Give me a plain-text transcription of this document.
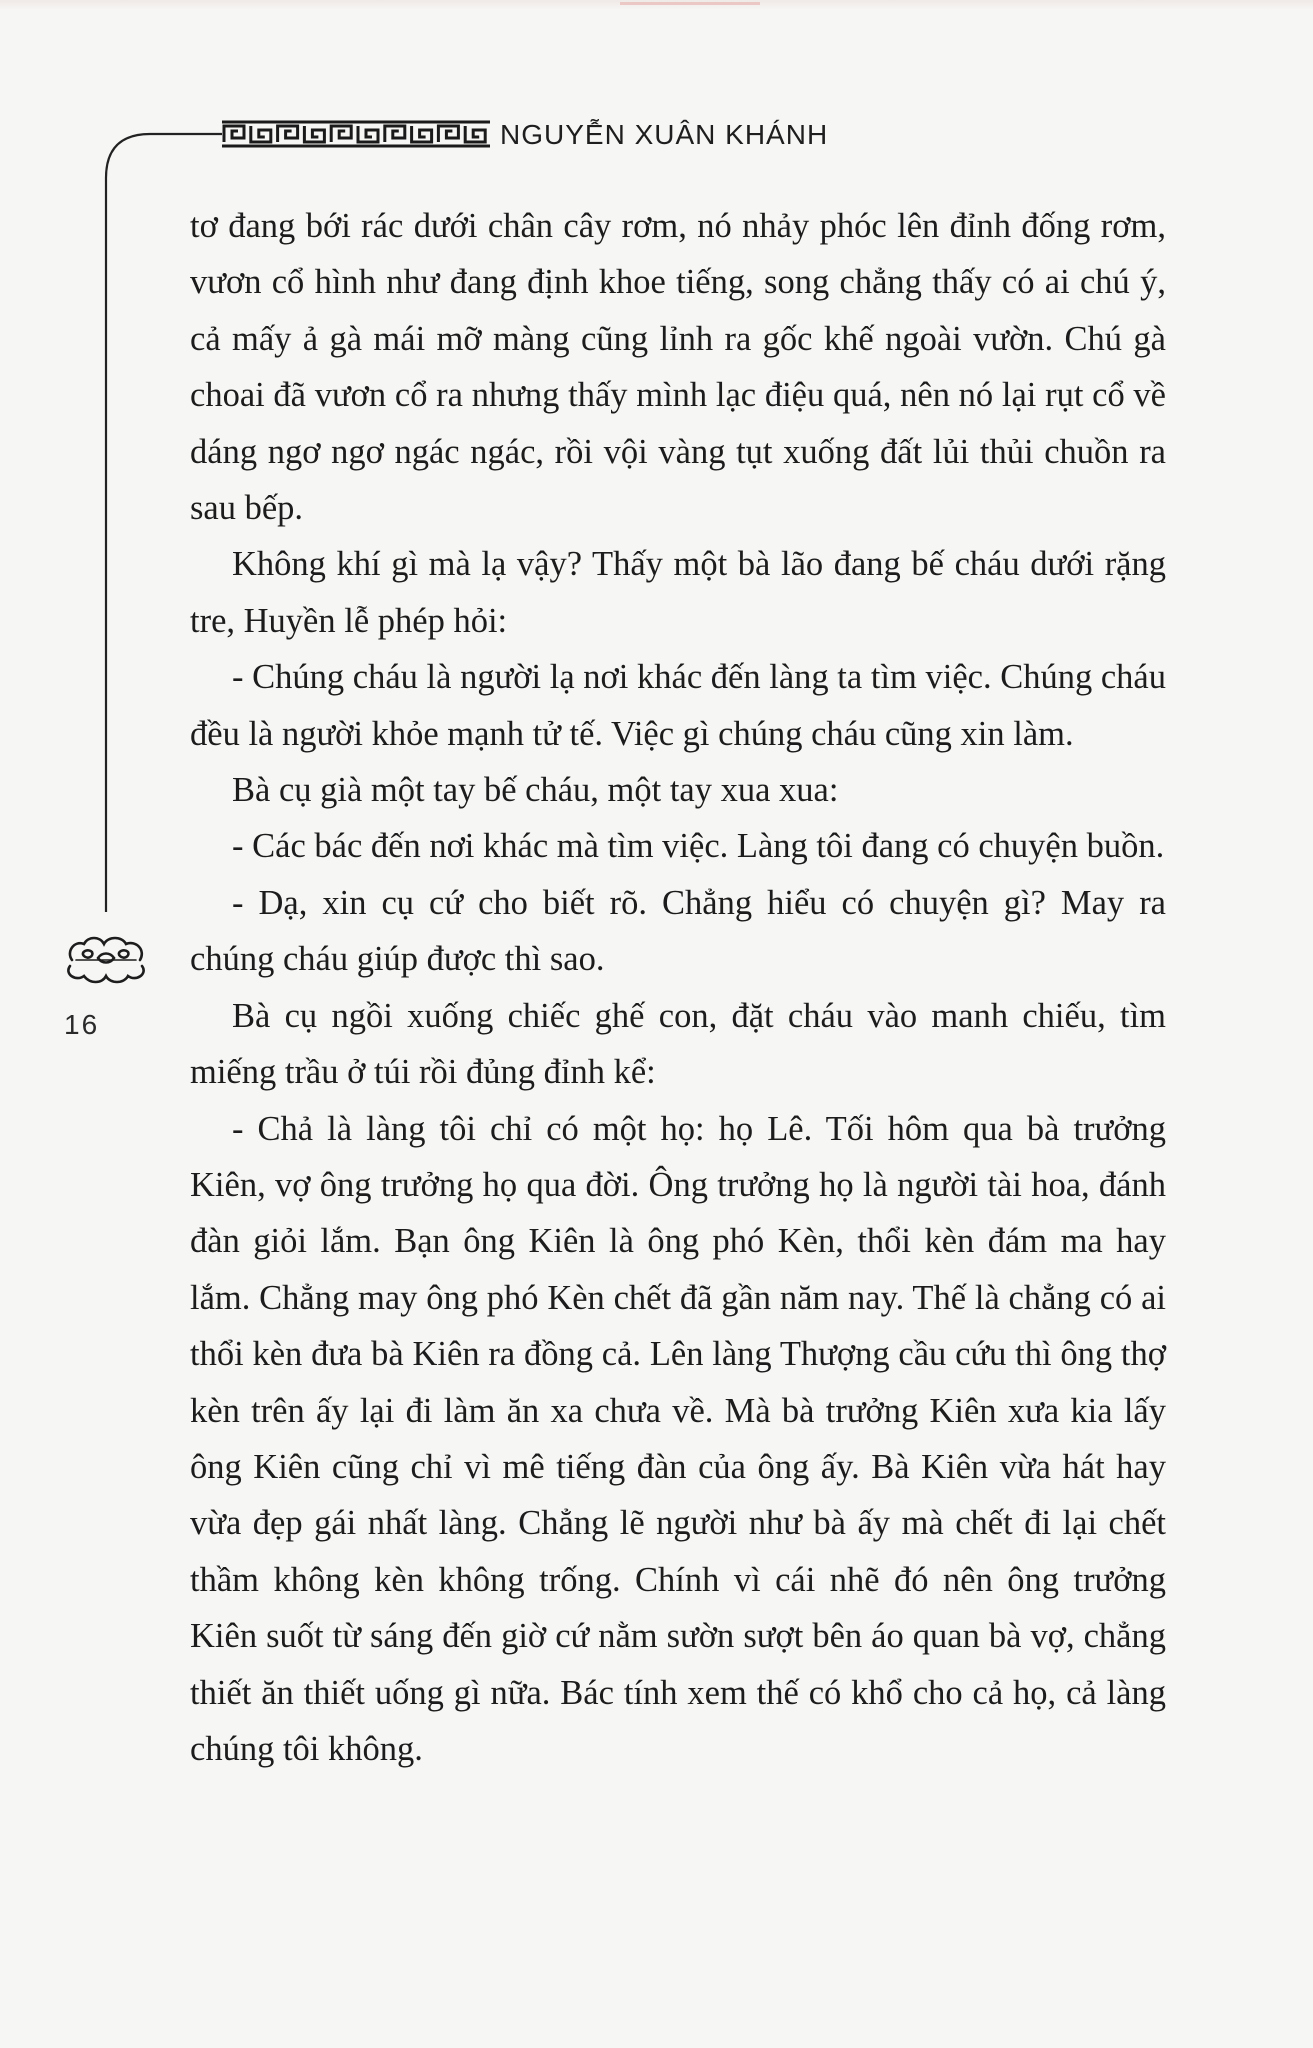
NGUYỄN XUÂN KHÁNH
16

tơ đang bới rác dưới chân cây rơm, nó nhảy phóc lên đỉnh đống rơm, vươn cổ hình như đang định khoe tiếng, song chẳng thấy có ai chú ý, cả mấy ả gà mái mỡ màng cũng lỉnh ra gốc khế ngoài vườn. Chú gà choai đã vươn cổ ra nhưng thấy mình lạc điệu quá, nên nó lại rụt cổ về dáng ngơ ngơ ngác ngác, rồi vội vàng tụt xuống đất lủi thủi chuồn ra sau bếp.

Không khí gì mà lạ vậy? Thấy một bà lão đang bế cháu dưới rặng tre, Huyền lễ phép hỏi:

- Chúng cháu là người lạ nơi khác đến làng ta tìm việc. Chúng cháu đều là người khỏe mạnh tử tế. Việc gì chúng cháu cũng xin làm.

Bà cụ già một tay bế cháu, một tay xua xua:

- Các bác đến nơi khác mà tìm việc. Làng tôi đang có chuyện buồn.

- Dạ, xin cụ cứ cho biết rõ. Chẳng hiểu có chuyện gì? May ra chúng cháu giúp được thì sao.

Bà cụ ngồi xuống chiếc ghế con, đặt cháu vào manh chiếu, tìm miếng trầu ở túi rồi đủng đỉnh kể:

- Chả là làng tôi chỉ có một họ: họ Lê. Tối hôm qua bà trưởng Kiên, vợ ông trưởng họ qua đời. Ông trưởng họ là người tài hoa, đánh đàn giỏi lắm. Bạn ông Kiên là ông phó Kèn, thổi kèn đám ma hay lắm. Chẳng may ông phó Kèn chết đã gần năm nay. Thế là chẳng có ai thổi kèn đưa bà Kiên ra đồng cả. Lên làng Thượng cầu cứu thì ông thợ kèn trên ấy lại đi làm ăn xa chưa về. Mà bà trưởng Kiên xưa kia lấy ông Kiên cũng chỉ vì mê tiếng đàn của ông ấy. Bà Kiên vừa hát hay vừa đẹp gái nhất làng. Chẳng lẽ người như bà ấy mà chết đi lại chết thầm không kèn không trống. Chính vì cái nhẽ đó nên ông trưởng Kiên suốt từ sáng đến giờ cứ nằm sườn sượt bên áo quan bà vợ, chẳng thiết ăn thiết uống gì nữa. Bác tính xem thế có khổ cho cả họ, cả làng chúng tôi không.
